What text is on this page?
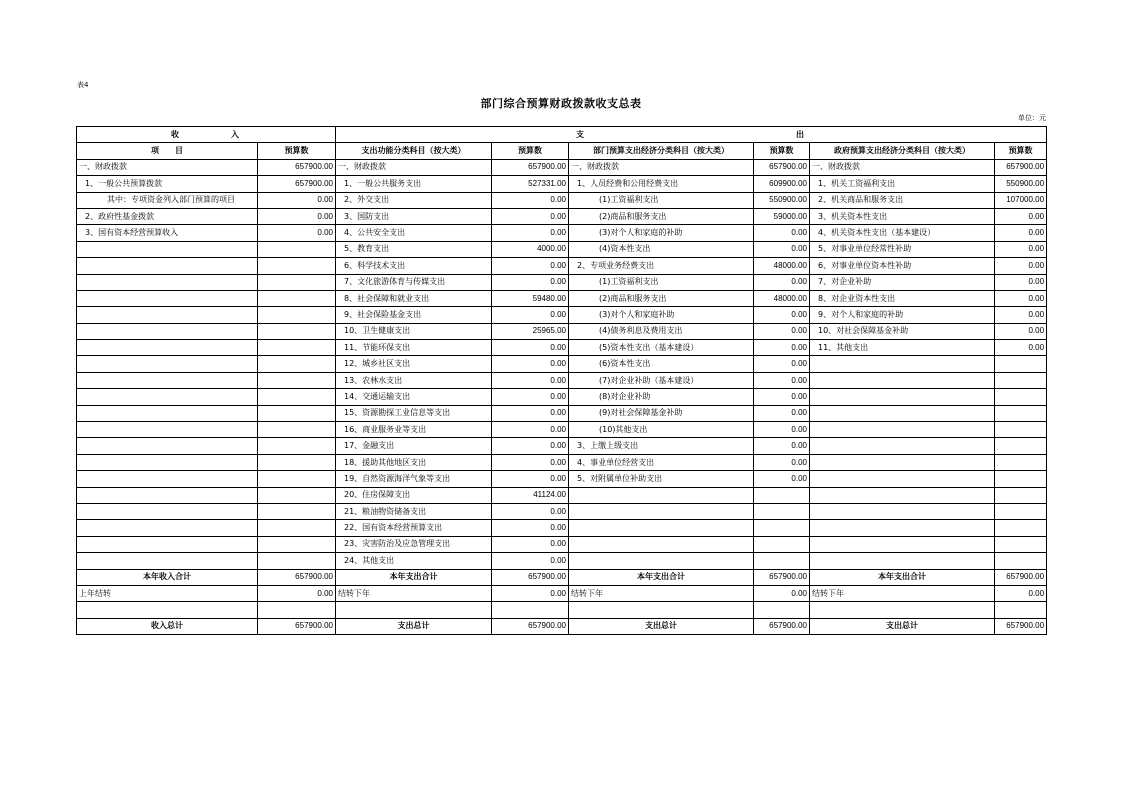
表4
部门综合预算财政拨款收支总表
单位：元
收　　　　　入		支　　　　　　　　　　　　　　　　　　　　　出					
项　　目	预算数	支出功能分类科目（按大类）	预算数	部门预算支出经济分类科目（按大类）	预算数	政府预算支出经济分类科目（按大类）	预算数
一、财政拨款	657900.00	一、财政拨款	657900.00	一、财政拨款	657900.00	一、财政拨款	657900.00
1、一般公共预算拨款	657900.00	1、一般公共服务支出	527331.00	1、人员经费和公用经费支出	609900.00	1、机关工资福利支出	550900.00
其中：专项资金列入部门预算的项目	0.00	2、外交支出	0.00	(1)工资福利支出	550900.00	2、机关商品和服务支出	107000.00
2、政府性基金拨款	0.00	3、国防支出	0.00	(2)商品和服务支出	59000.00	3、机关资本性支出	0.00
3、国有资本经营预算收入	0.00	4、公共安全支出	0.00	(3)对个人和家庭的补助	0.00	4、机关资本性支出（基本建设）	0.00
		5、教育支出	4000.00	(4)资本性支出	0.00	5、对事业单位经常性补助	0.00
		6、科学技术支出	0.00	2、专项业务经费支出	48000.00	6、对事业单位资本性补助	0.00
		7、文化旅游体育与传媒支出	0.00	(1)工资福利支出	0.00	7、对企业补助	0.00
		8、社会保障和就业支出	59480.00	(2)商品和服务支出	48000.00	8、对企业资本性支出	0.00
		9、社会保险基金支出	0.00	(3)对个人和家庭补助	0.00	9、对个人和家庭的补助	0.00
		10、卫生健康支出	25965.00	(4)债务利息及费用支出	0.00	10、对社会保障基金补助	0.00
		11、节能环保支出	0.00	(5)资本性支出（基本建设）	0.00	11、其他支出	0.00
		12、城乡社区支出	0.00	(6)资本性支出	0.00		
		13、农林水支出	0.00	(7)对企业补助（基本建设）	0.00		
		14、交通运输支出	0.00	(8)对企业补助	0.00		
		15、资源勘探工业信息等支出	0.00	(9)对社会保障基金补助	0.00		
		16、商业服务业等支出	0.00	(10)其他支出	0.00		
		17、金融支出	0.00	3、上缴上级支出	0.00		
		18、援助其他地区支出	0.00	4、事业单位经营支出	0.00		
		19、自然资源海洋气象等支出	0.00	5、对附属单位补助支出	0.00		
		20、住房保障支出	41124.00				
		21、粮油物资储备支出	0.00				
		22、国有资本经营预算支出	0.00				
		23、灾害防治及应急管理支出	0.00				
		24、其他支出	0.00				
本年收入合计	657900.00	本年支出合计	657900.00	本年支出合计	657900.00	本年支出合计	657900.00
上年结转	0.00	结转下年	0.00	结转下年	0.00	结转下年	0.00

收入总计	657900.00	支出总计	657900.00	支出总计	657900.00	支出总计	657900.00
